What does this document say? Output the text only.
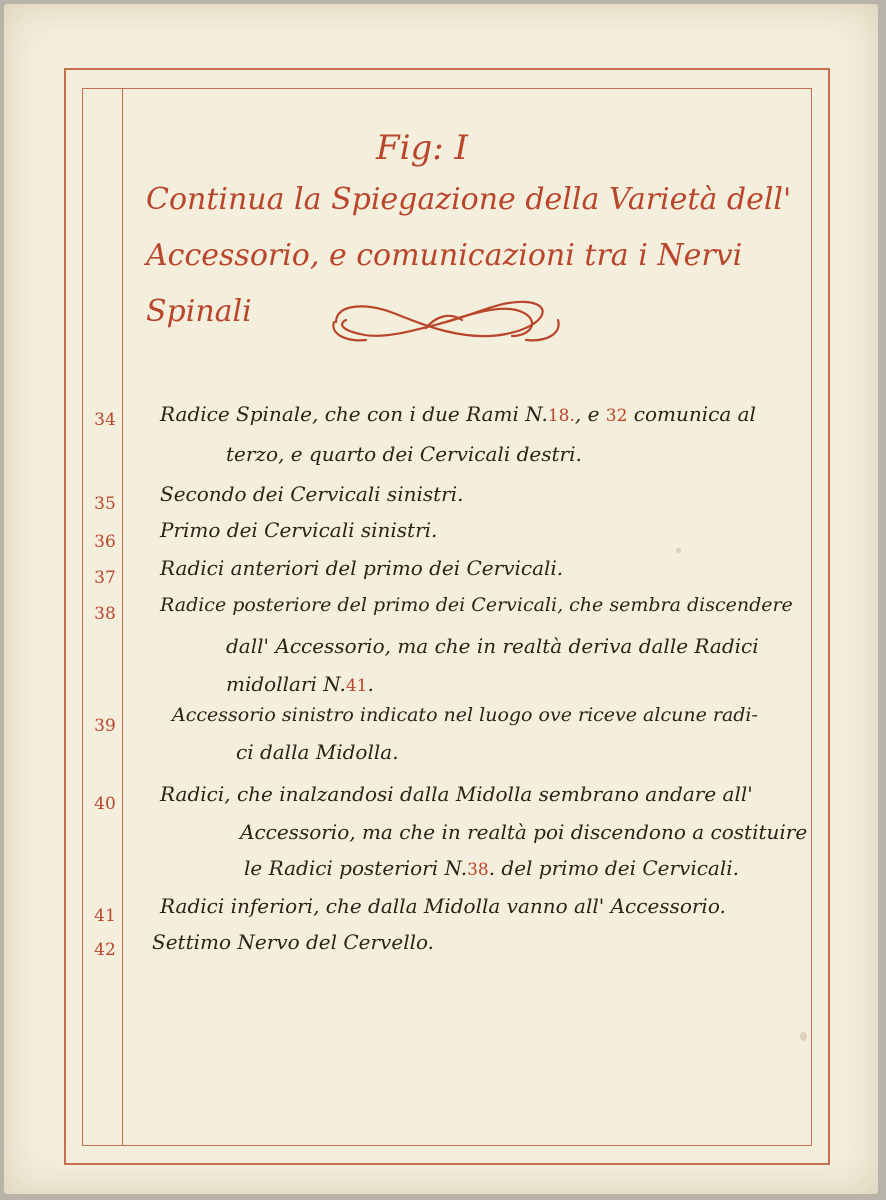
Fig: I
Continua la Spiegazione della Varietà dell' Accessorio, e comunicazioni tra i Nervi Spinali
34 Radice Spinale, che con i due Rami N.18., e 32 comunica al
terzo, e quarto dei Cervicali destri.
35 Secondo dei Cervicali sinistri.
36 Primo dei Cervicali sinistri.
37 Radici anteriori del primo dei Cervicali.
38 Radice posteriore del primo dei Cervicali, che sembra discendere
dall' Accessorio, ma che in realtà deriva dalle Radici
midollari N.41.
39	Accessorio sinistro indicato nel luogo ove riceve alcune radi-
ci dalla Midolla.
40 Radici, che inalzandosi dalla Midolla sembrano andare all'
Accessorio, ma che in realtà poi discendono a costituire
le Radici posteriori N.38. del primo dei Cervicali.
41 Radici inferiori, che dalla Midolla vanno all' Accessorio.
42 Settimo Nervo del Cervello.
